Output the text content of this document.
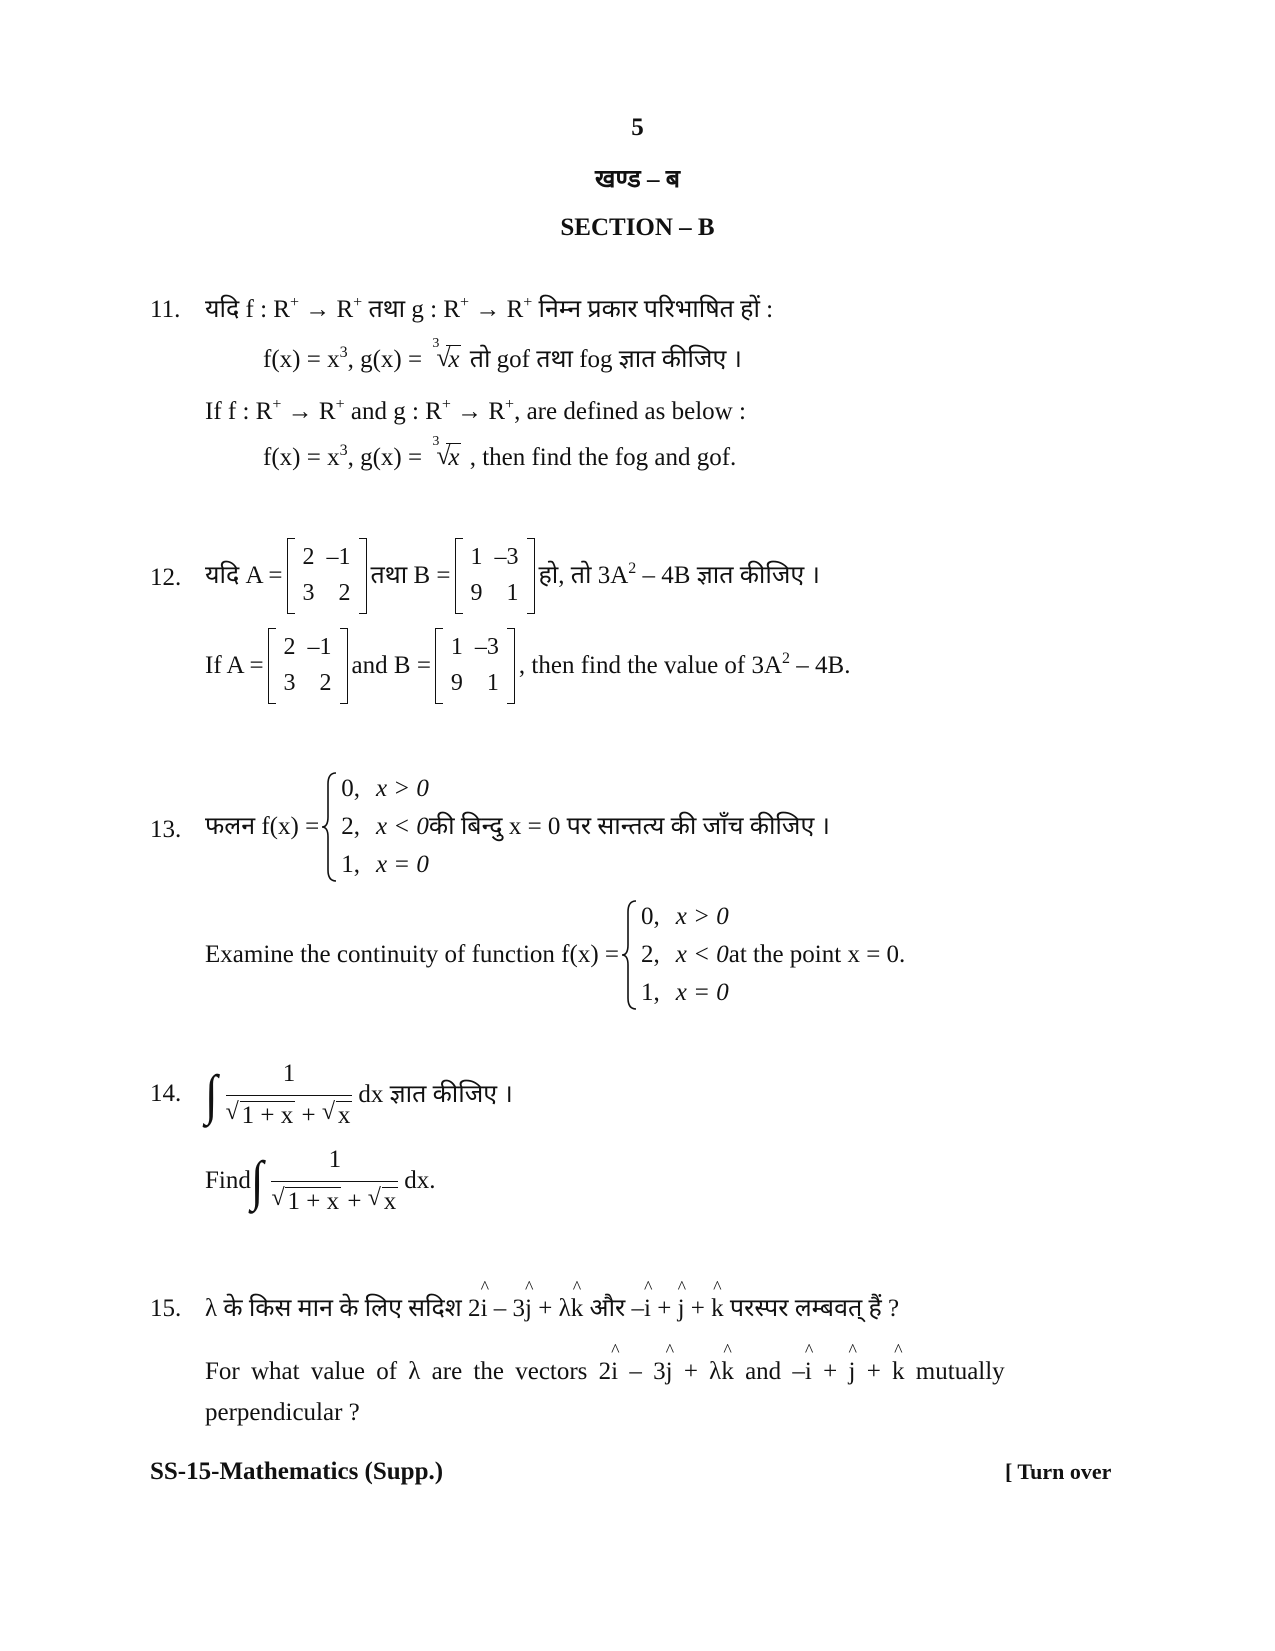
5
खण्ड – ब
SECTION – B
11. यदि f : R+ → R+ तथा g : R+ → R+ निम्न प्रकार परिभाषित हों :
$f(x) = x^3$, g(x) =
3
√
x तो gof तथा fog ज्ञात कीजिए ।
If f : R+ → R+ and g : R+ → R+, are defined as below :
$f(x) = x^3$, g(x) =
3
√
x , then find the fog and gof.
12. यदि A =
2	–1
3	2
तथा B =
1	–3
9	1
हो, तो $3A^2 - 4B$ ज्ञात कीजिए ।
If A =
2	–1
3	2
and B =
1	–3
9	1
, then find the value of $3A^2 - 4B$.
13. फलन f(x) =
0, x > 0
2, x < 0
1, x = 0
की बिन्दु x = 0 पर सान्तत्य की जाँच कीजिए ।
Examine the continuity of function f(x) =
0, x > 0
2, x < 0
1, x = 0
at the point x = 0.
14. ∫ $\frac{1}{√ 1 + x + √ x}$ dx ज्ञात कीजिए ।
Find∫ $\frac{1}{√ 1 + x + √ x}$ dx.
15. λ के किस मान के लिए सदिश 2^ i – 3^ j + λ^ k और –^ i + ^ j + ^ k परस्पर लम्बवत् हैं ?
For what value of λ are the vectors 2^ i – 3^ j + λ^ k and –^ i + ^ j + ^ k mutually
perpendicular ?
SS-15-Mathematics (Supp.)	[ Turn over
